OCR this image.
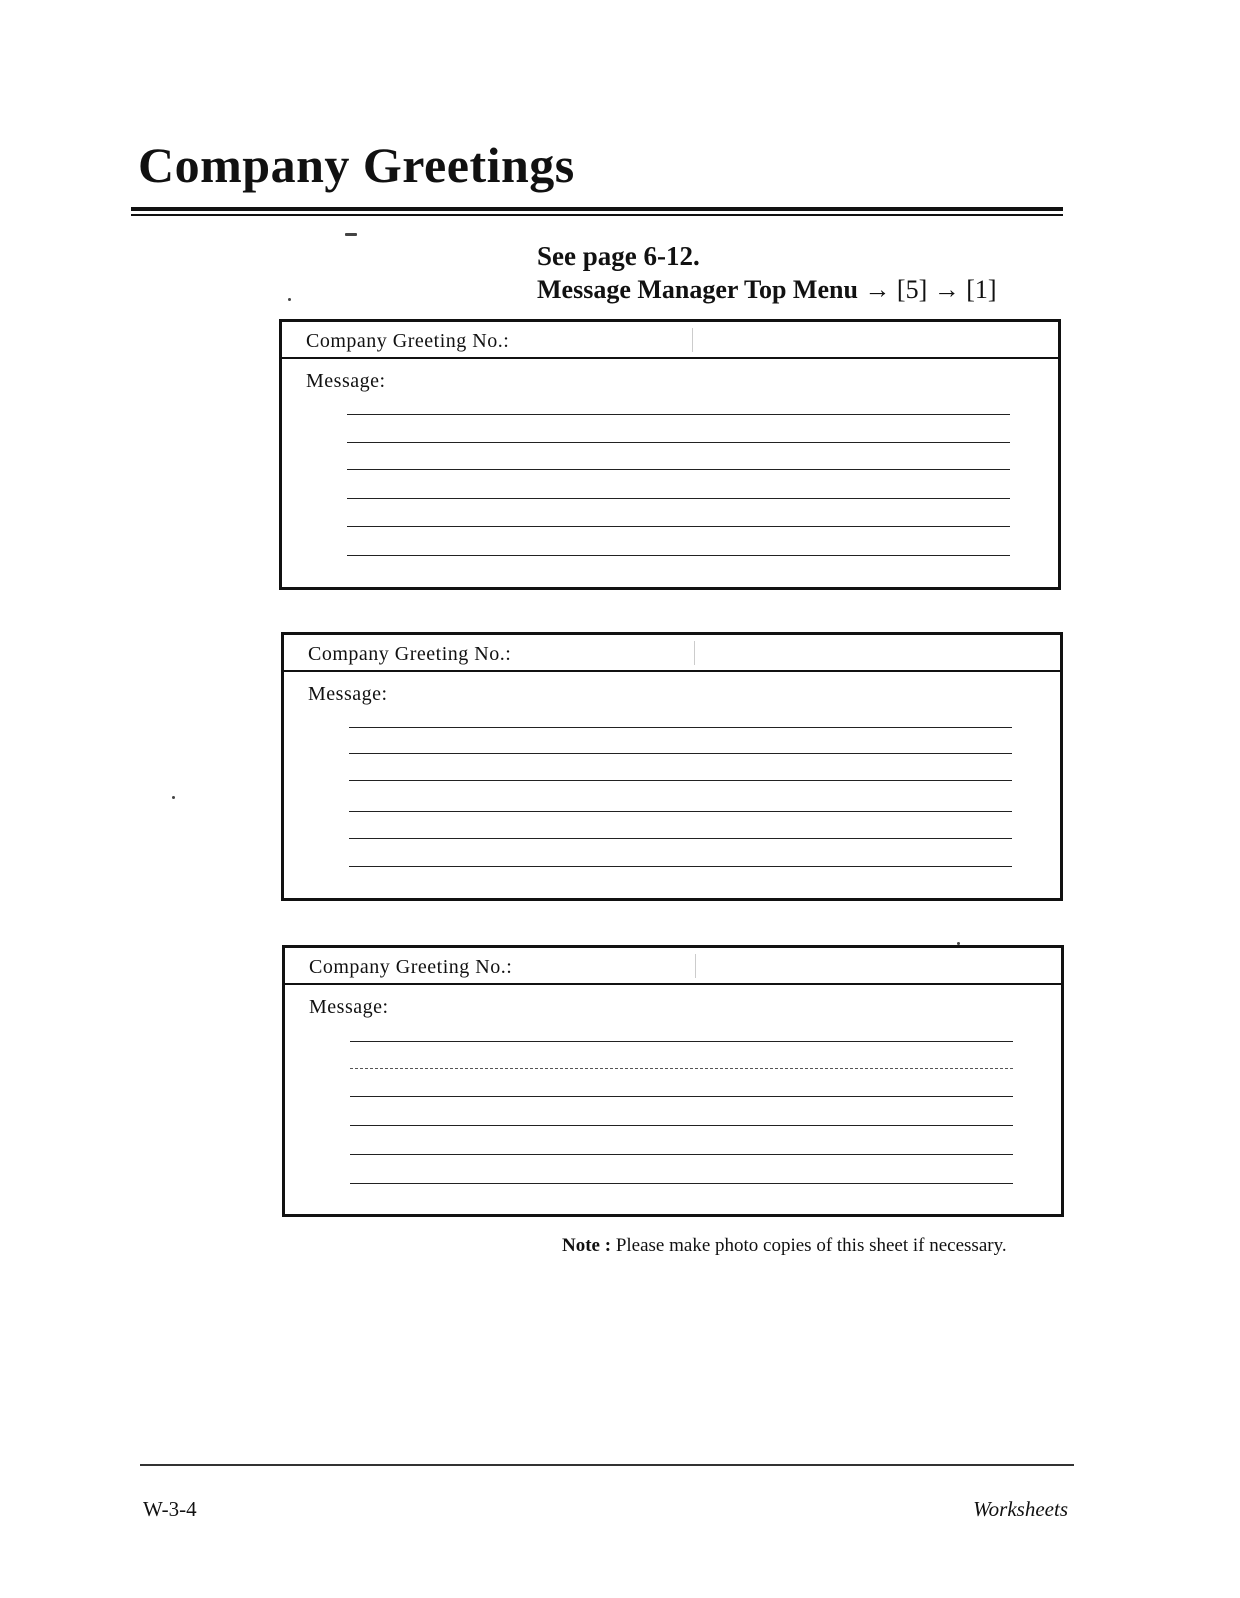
Company Greetings
See page 6-12.
Message Manager Top Menu → [5] → [1]
Company Greeting No.:
Message:
Company Greeting No.:
Message:
Company Greeting No.:
Message:
Note : Please make photo copies of this sheet if necessary.
W-3-4	Worksheets
